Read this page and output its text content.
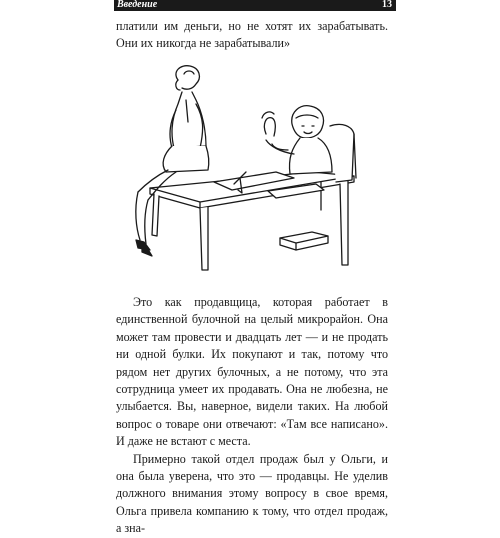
Введение	13

платили им деньги, но не хотят их зарабатывать. Они их никогда не зарабатывали»

Это как продавщица, которая работает в единственной булочной на целый микрорайон. Она может там провести и двадцать лет — и не продать ни одной булки. Их покупают и так, потому что рядом нет других булочных, а не потому, что эта сотрудница умеет их продавать. Она не любезна, не улыбается. Вы, наверное, видели таких. На любой вопрос о товаре они отвечают: «Там все написано». И даже не встают с места.

Примерно такой отдел продаж был у Ольги, и она была уверена, что это — продавцы. Не уделив должного внимания этому вопросу в свое время, Ольга привела компанию к тому, что отдел продаж, а зна-
